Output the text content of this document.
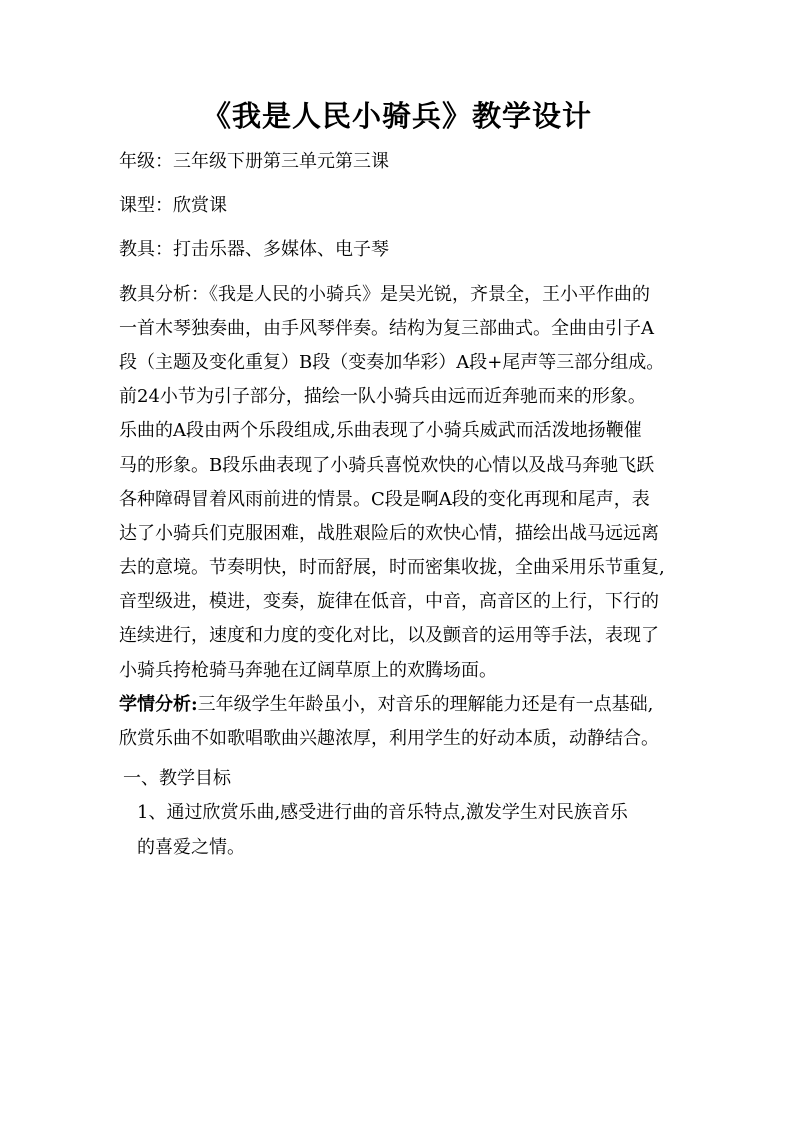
《我是人民小骑兵》教学设计
年级：三年级下册第三单元第三课
课型：欣赏课
教具：打击乐器、多媒体、电子琴
教具分析：《我是人民的小骑兵》是吴光锐，齐景全，王小平作曲的
一首木琴独奏曲，由手风琴伴奏。结构为复三部曲式。全曲由引子A
段（主题及变化重复）B段（变奏加华彩）A段+尾声等三部分组成。
前24小节为引子部分，描绘一队小骑兵由远而近奔驰而来的形象。
乐曲的A段由两个乐段组成,乐曲表现了小骑兵威武而活泼地扬鞭催
马的形象。B段乐曲表现了小骑兵喜悦欢快的心情以及战马奔驰飞跃
各种障碍冒着风雨前进的情景。C段是啊A段的变化再现和尾声，表
达了小骑兵们克服困难，战胜艰险后的欢快心情，描绘出战马远远离
去的意境。节奏明快，时而舒展，时而密集收拢，全曲采用乐节重复,
音型级进，模进，变奏，旋律在低音，中音，高音区的上行，下行的
连续进行，速度和力度的变化对比，以及颤音的运用等手法，表现了
小骑兵挎枪骑马奔驰在辽阔草原上的欢腾场面。
学情分析:三年级学生年龄虽小，对音乐的理解能力还是有一点基础,
欣赏乐曲不如歌唱歌曲兴趣浓厚，利用学生的好动本质，动静结合。
一、教学目标
1、通过欣赏乐曲,感受进行曲的音乐特点,激发学生对民族音乐
的喜爱之情。
